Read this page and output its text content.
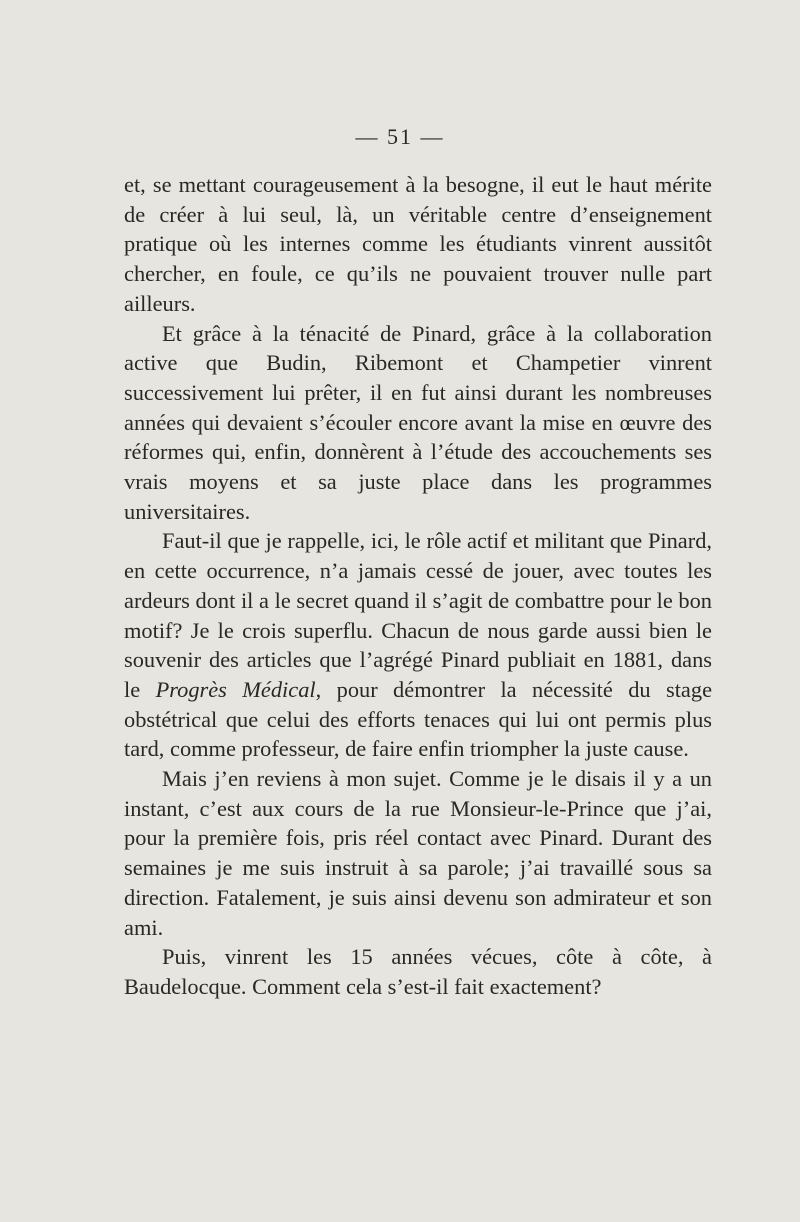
— 51 —

et, se mettant courageusement à la besogne, il eut le haut mérite de créer à lui seul, là, un véritable centre d’enseignement pratique où les internes comme les étudiants vinrent aussitôt chercher, en foule, ce qu’ils ne pouvaient trouver nulle part ailleurs.

Et grâce à la ténacité de Pinard, grâce à la collaboration active que Budin, Ribemont et Champetier vinrent successivement lui prêter, il en fut ainsi durant les nombreuses années qui devaient s’écouler encore avant la mise en œuvre des réformes qui, enfin, donnèrent à l’étude des accouchements ses vrais moyens et sa juste place dans les programmes universitaires.

Faut-il que je rappelle, ici, le rôle actif et militant que Pinard, en cette occurrence, n’a jamais cessé de jouer, avec toutes les ardeurs dont il a le secret quand il s’agit de combattre pour le bon motif? Je le crois superflu. Chacun de nous garde aussi bien le souvenir des articles que l’agrégé Pinard publiait en 1881, dans le Progrès Médical, pour démontrer la nécessité du stage obstétrical que celui des efforts tenaces qui lui ont permis plus tard, comme professeur, de faire enfin triompher la juste cause.

Mais j’en reviens à mon sujet. Comme je le disais il y a un instant, c’est aux cours de la rue Monsieur-le-Prince que j’ai, pour la première fois, pris réel contact avec Pinard. Durant des semaines je me suis instruit à sa parole; j’ai travaillé sous sa direction. Fatalement, je suis ainsi devenu son admirateur et son ami.

Puis, vinrent les 15 années vécues, côte à côte, à Baudelocque. Comment cela s’est-il fait exactement?
